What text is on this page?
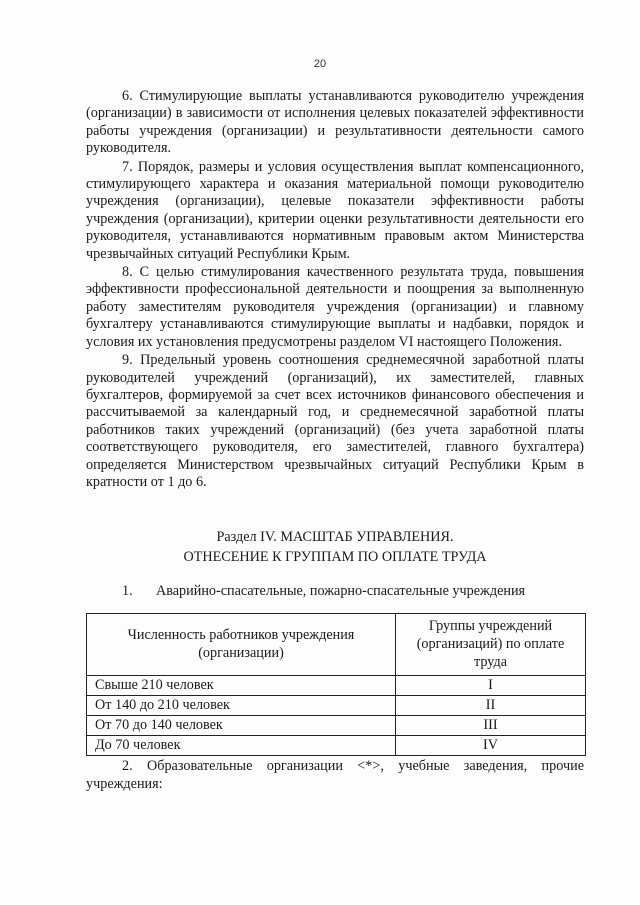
20

6. Стимулирующие выплаты устанавливаются руководителю учреждения (организации) в зависимости от исполнения целевых показателей эффективности работы учреждения (организации) и результативности деятельности самого руководителя.

7. Порядок, размеры и условия осуществления выплат компенсационного, стимулирующего характера и оказания материальной помощи руководителю учреждения (организации), целевые показатели эффективности работы учреждения (организации), критерии оценки результативности деятельности его руководителя, устанавливаются нормативным правовым актом Министерства чрезвычайных ситуаций Республики Крым.

8. С целью стимулирования качественного результата труда, повышения эффективности профессиональной деятельности и поощрения за выполненную работу заместителям руководителя учреждения (организации) и главному бухгалтеру устанавливаются стимулирующие выплаты и надбавки, порядок и условия их установления предусмотрены разделом VI настоящего Положения.

9. Предельный уровень соотношения среднемесячной заработной платы руководителей учреждений (организаций), их заместителей, главных бухгалтеров, формируемой за счет всех источников финансового обеспечения и рассчитываемой за календарный год, и среднемесячной заработной платы работников таких учреждений (организаций) (без учета заработной платы соответствующего руководителя, его заместителей, главного бухгалтера) определяется Министерством чрезвычайных ситуаций Республики Крым в кратности от 1 до 6.

Раздел IV. МАСШТАБ УПРАВЛЕНИЯ.
ОТНЕСЕНИЕ К ГРУППАМ ПО ОПЛАТЕ ТРУДА
1. Аварийно-спасательные, пожарно-спасательные учреждения
Численность работников учреждения (организации)	Группы учреждений (организаций) по оплате труда
Свыше 210 человек	I
От 140 до 210 человек	II
От 70 до 140 человек	III
До 70 человек	IV
2. Образовательные организации <*>, учебные заведения, прочие учреждения:
